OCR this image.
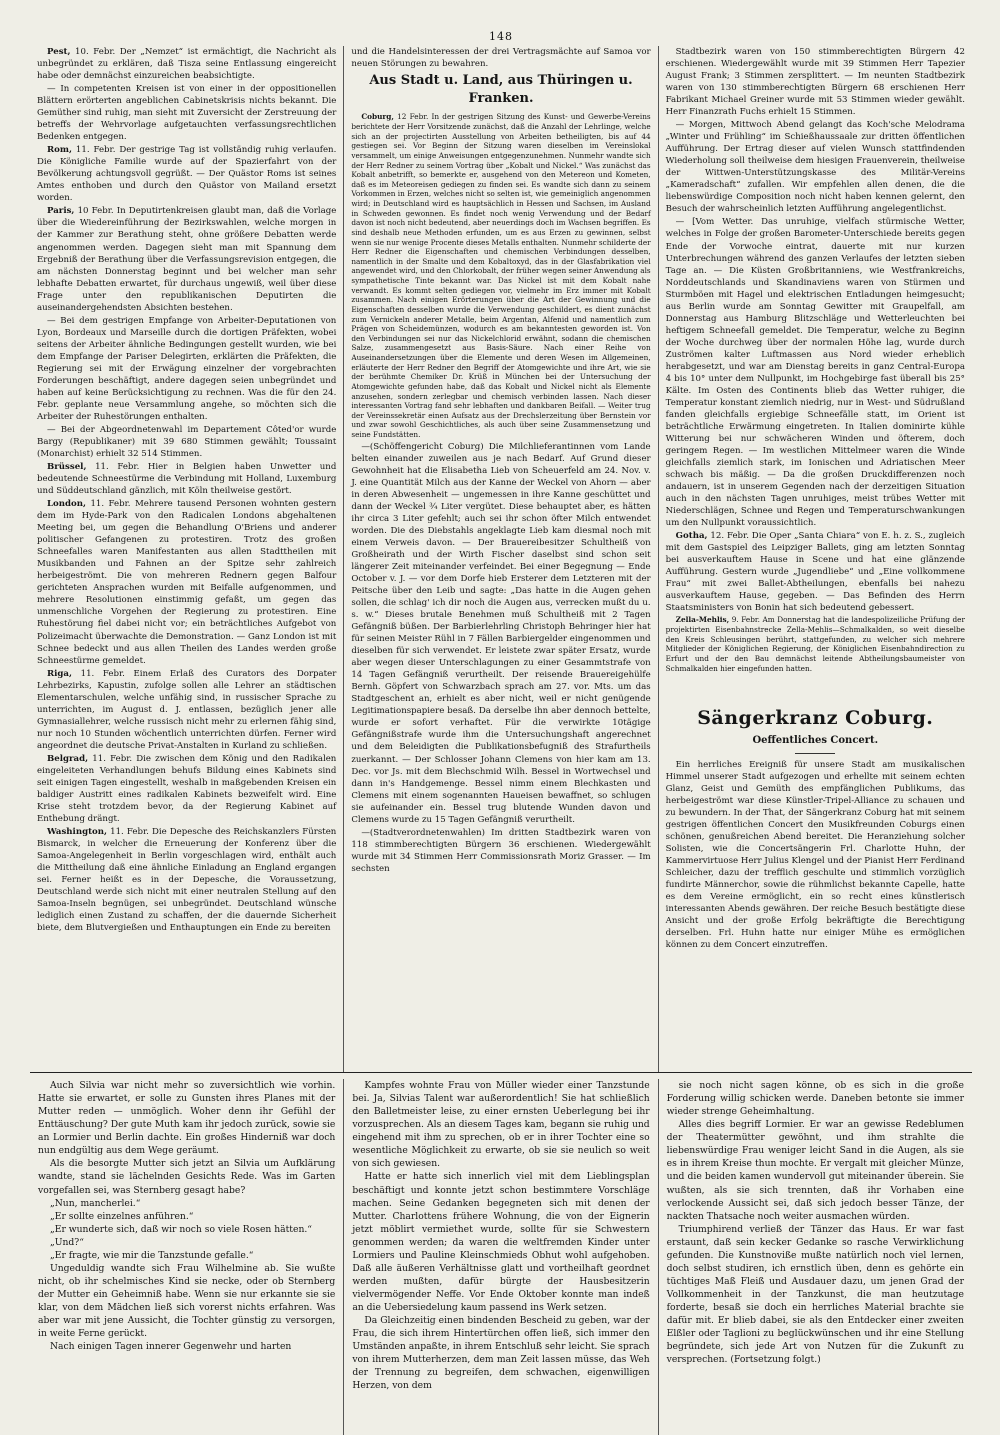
148

Pest, 10. Febr. Der „Nemzet“ ist ermächtigt, die Nachricht als unbegründet zu erklären, daß Tisza seine Entlassung eingereicht habe oder demnächst einzureichen beabsichtigte.

— In competenten Kreisen ist von einer in der oppositionellen Blättern erörterten angeblichen Cabinetskrisis nichts bekannt. Die Gemüther sind ruhig, man sieht mit Zuversicht der Zerstreuung der betreffs der Wehrvorlage aufgetauchten verfassungsrechtlichen Bedenken entgegen.

Rom, 11. Febr. Der gestrige Tag ist vollständig ruhig verlaufen. Die Königliche Familie wurde auf der Spazierfahrt von der Bevölkerung achtungsvoll gegrüßt. — Der Quästor Roms ist seines Amtes enthoben und durch den Quästor von Mailand ersetzt worden.

Paris, 10 Febr. In Deputirtenkreisen glaubt man, daß die Vorlage über die Wiedereinführung der Bezirkswahlen, welche morgen in der Kammer zur Berathung steht, ohne größere Debatten werde angenommen werden. Dagegen sieht man mit Spannung dem Ergebniß der Berathung über die Verfassungsrevision entgegen, die am nächsten Donnerstag beginnt und bei welcher man sehr lebhafte Debatten erwartet, für durchaus ungewiß, weil über diese Frage unter den republikanischen Deputirten die auseinandergehendsten Absichten bestehen.

— Bei dem gestrigen Empfange von Arbeiter-Deputationen von Lyon, Bordeaux und Marseille durch die dortigen Präfekten, wobei seitens der Arbeiter ähnliche Bedingungen gestellt wurden, wie bei dem Empfange der Pariser Delegirten, erklärten die Präfekten, die Regierung sei mit der Erwägung einzelner der vorgebrachten Forderungen beschäftigt, andere dagegen seien unbegründet und haben auf keine Berücksichtigung zu rechnen. Was die für den 24. Febr. geplante neue Versammlung angehe, so möchten sich die Arbeiter der Ruhestörungen enthalten.

— Bei der Abgeordnetenwahl im Departement Côted'or wurde Bargy (Republikaner) mit 39 680 Stimmen gewählt; Toussaint (Monarchist) erhielt 32 514 Stimmen.

Brüssel, 11. Febr. Hier in Belgien haben Unwetter und bedeutende Schneestürme die Verbindung mit Holland, Luxemburg und Süddeutschland gänzlich, mit Köln theilweise gestört.

London, 11. Febr. Mehrere tausend Personen wohnten gestern dem im Hyde-Park von den Radicalen Londons abgehaltenen Meeting bei, um gegen die Behandlung O'Briens und anderer politischer Gefangenen zu protestiren. Trotz des großen Schneefalles waren Manifestanten aus allen Stadttheilen mit Musikbanden und Fahnen an der Spitze sehr zahlreich herbeigeströmt. Die von mehreren Rednern gegen Balfour gerichteten Ansprachen wurden mit Beifalle aufgenommen, und mehrere Resolutionen einstimmig gefaßt, um gegen das unmenschliche Vorgehen der Regierung zu protestiren. Eine Ruhestörung fiel dabei nicht vor; ein beträchtliches Aufgebot von Polizeimacht überwachte die Demonstration. — Ganz London ist mit Schnee bedeckt und aus allen Theilen des Landes werden große Schneestürme gemeldet.

Riga, 11. Febr. Einem Erlaß des Curators des Dorpater Lehrbezirks, Kapustin, zufolge sollen alle Lehrer an städtischen Elementarschulen, welche unfähig sind, in russischer Sprache zu unterrichten, im August d. J. entlassen, bezüglich jener alle Gymnasiallehrer, welche russisch nicht mehr zu erlernen fähig sind, nur noch 10 Stunden wöchentlich unterrichten dürfen. Ferner wird angeordnet die deutsche Privat-Anstalten in Kurland zu schließen.

Belgrad, 11. Febr. Die zwischen dem König und den Radikalen eingeleiteten Verhandlungen behufs Bildung eines Kabinets sind seit einigen Tagen eingestellt, weshalb in maßgebenden Kreisen ein baldiger Austritt eines radikalen Kabinets bezweifelt wird. Eine Krise steht trotzdem bevor, da der Regierung Kabinet auf Enthebung drängt.

Washington, 11. Febr. Die Depesche des Reichskanzlers Fürsten Bismarck, in welcher die Erneuerung der Konferenz über die Samoa-Angelegenheit in Berlin vorgeschlagen wird, enthält auch die Mittheilung daß eine ähnliche Einladung an England ergangen sei. Ferner heißt es in der Depesche, die Voraussetzung, Deutschland werde sich nicht mit einer neutralen Stellung auf den Samoa-Inseln begnügen, sei unbegründet. Deutschland wünsche lediglich einen Zustand zu schaffen, der die dauernde Sicherheit biete, dem Blutvergießen und Enthauptungen ein Ende zu bereiten

und die Handelsinteressen der drei Vertragsmächte auf Samoa vor neuen Störungen zu bewahren.

Aus Stadt u. Land, aus Thüringen u. Franken.

Coburg, 12 Febr. In der gestrigen Sitzung des Kunst- und Gewerbe-Vereins berichtete der Herr Vorsitzende zunächst, daß die Anzahl der Lehrlinge, welche sich an der projectirten Ausstellung von Arbeiten betheiligten, bis auf 44 gestiegen sei. Vor Beginn der Sitzung waren dieselben im Vereinslokal versammelt, um einige Anweisungen entgegenzunehmen. Nunmehr wandte sich der Herr Redner zu seinem Vortrag über „Kobalt und Nickel.“ Was zunächst das Kobalt anbetrifft, so bemerkte er, ausgehend von den Metereon und Kometen, daß es im Meteoreisen gediegen zu finden sei. Es wandte sich dann zu seinem Vorkommen in Erzen, welches nicht so selten ist, wie gemeiniglich angenommen wird; in Deutschland wird es hauptsächlich in Hessen und Sachsen, im Ausland in Schweden gewonnen. Es findet noch wenig Verwendung und der Bedarf davon ist noch nicht bedeutend, aber neuerdings doch im Wachsen begriffen. Es sind deshalb neue Methoden erfunden, um es aus Erzen zu gewinnen, selbst wenn sie nur wenige Procente dieses Metalls enthalten. Nunmehr schilderte der Herr Redner die Eigenschaften und chemischen Verbindungen desselben, namentlich in der Smalte und dem Kobaltoxyd, das in der Glasfabrikation viel angewendet wird, und den Chlorkobalt, der früher wegen seiner Anwendung als sympathetische Tinte bekannt war. Das Nickel ist mit dem Kobalt nahe verwandt. Es kommt selten gediegen vor, vielmehr im Erz immer mit Kobalt zusammen. Nach einigen Erörterungen über die Art der Gewinnung und die Eigenschaften desselben wurde die Verwendung geschildert, es dient zunächst zum Vernickeln anderer Metalle, beim Argentan, Alfenid und namentlich zum Prägen von Scheidemünzen, wodurch es am bekanntesten geworden ist. Von den Verbindungen sei nur das Nickelchlorid erwähnt, sodann die chemischen Salze, zusammengesetzt aus Basis-Säure. Nach einer Reihe von Auseinandersetzungen über die Elemente und deren Wesen im Allgemeinen, erläuterte der Herr Redner den Begriff der Atomgewichte und ihre Art, wie sie der berühmte Chemiker Dr. Krüß in München bei der Untersuchung der Atomgewichte gefunden habe, daß das Kobalt und Nickel nicht als Elemente anzusehen, sondern zerlegbar und chemisch verbinden lassen. Nach dieser interessanten Vortrag fand sehr lebhaften und dankbaren Beifall. — Weiter trug der Vereinssekretär einen Aufsatz aus der Drechslerzeitung über Bernstein vor und zwar sowohl Geschichtliches, als auch über seine Zusammensetzung und seine Fundstätten.

—(Schöffengericht Coburg) Die Milchlieferantinnen vom Lande belten einander zuweilen aus je nach Bedarf. Auf Grund dieser Gewohnheit hat die Elisabetha Lieb von Scheuerfeld am 24. Nov. v. J. eine Quantität Milch aus der Kanne der Weckel von Ahorn — aber in deren Abwesenheit — ungemessen in ihre Kanne geschüttet und dann der Weckel ¾ Liter vergütet. Diese behauptet aber, es hätten ihr circa 3 Liter gefehlt; auch sei ihr schon öfter Milch entwendet worden. Die des Diebstahls angeklagte Lieb kam diesmal noch mit einem Verweis davon. — Der Brauereibesitzer Schultheiß von Großheirath und der Wirth Fischer daselbst sind schon seit längerer Zeit miteinander verfeindet. Bei einer Begegnung — Ende October v. J. — vor dem Dorfe hieb Ersterer dem Letzteren mit der Peitsche über den Leib und sagte: „Das hatte in die Augen gehen sollen, die schlag' ich dir noch die Augen aus, verrecken mußt du u. s. w.“ Dieses brutale Benehmen muß Schultheiß mit 2 Tagen Gefängniß büßen. Der Barbierlehrling Christoph Behringer hier hat für seinen Meister Rühl in 7 Fällen Barbiergelder eingenommen und dieselben für sich verwendet. Er leistete zwar später Ersatz, wurde aber wegen dieser Unterschlagungen zu einer Gesammtstrafe von 14 Tagen Gefängniß verurtheilt. Der reisende Brauereigehülfe Bernh. Göpfert von Schwarzbach sprach am 27. vor. Mts. um das Stadtgeschent an, erhielt es aber nicht, weil er nicht genügende Legitimationspapiere besaß. Da derselbe ihn aber dennoch bettelte, wurde er sofort verhaftet. Für die verwirkte 10tägige Gefängnißstrafe wurde ihm die Untersuchungshaft angerechnet und dem Beleidigten die Publikationsbefugniß des Strafurtheils zuerkannt. — Der Schlosser Johann Clemens von hier kam am 13. Dec. vor Js. mit dem Blechschmid Wilh. Bessel in Wortwechsel und dann in's Handgemenge. Bessel nimm einem Blechkasten und Clemens mit einem sogenannten Haueisen bewaffnet, so schlugen sie aufeinander ein. Bessel trug blutende Wunden davon und Clemens wurde zu 15 Tagen Gefängniß verurtheilt.

—(Stadtverordnetenwahlen) Im dritten Stadtbezirk waren von 118 stimmberechtigten Bürgern 36 erschienen. Wiedergewählt wurde mit 34 Stimmen Herr Commissionsrath Moriz Grasser. — Im sechsten

Stadtbezirk waren von 150 stimmberechtigten Bürgern 42 erschienen. Wiedergewählt wurde mit 39 Stimmen Herr Tapezier August Frank; 3 Stimmen zersplittert. — Im neunten Stadtbezirk waren von 130 stimmberechtigten Bürgern 68 erschienen Herr Fabrikant Michael Greiner wurde mit 53 Stimmen wieder gewählt. Herr Finanzrath Fuchs erhielt 15 Stimmen.

— Morgen, Mittwoch Abend gelangt das Koch'sche Melodrama „Winter und Frühling“ im Schießhaussaale zur dritten öffentlichen Aufführung. Der Ertrag dieser auf vielen Wunsch stattfindenden Wiederholung soll theilweise dem hiesigen Frauenverein, theilweise der Wittwen-Unterstützungskasse des Militär-Vereins „Kameradschaft“ zufallen. Wir empfehlen allen denen, die die liebenswürdige Composition noch nicht haben kennen gelernt, den Besuch der wahrscheinlich letzten Aufführung angelegentlichst.

— [Vom Wetter. Das unruhige, vielfach stürmische Wetter, welches in Folge der großen Barometer-Unterschiede bereits gegen Ende der Vorwoche eintrat, dauerte mit nur kurzen Unterbrechungen während des ganzen Verlaufes der letzten sieben Tage an. — Die Küsten Großbritanniens, wie Westfrankreichs, Norddeutschlands und Skandinaviens waren von Stürmen und Sturmböen mit Hagel und elektrischen Entladungen heimgesucht; aus Berlin wurde am Sonntag Gewitter mit Graupelfall, am Donnerstag aus Hamburg Blitzschläge und Wetterleuchten bei heftigem Schneefall gemeldet. Die Temperatur, welche zu Beginn der Woche durchweg über der normalen Höhe lag, wurde durch Zuströmen kalter Luftmassen aus Nord wieder erheblich herabgesetzt, und war am Dienstag bereits in ganz Central-Europa 4 bis 10° unter dem Nullpunkt, im Hochgebirge fast überall bis 25° Kälte. Im Osten des Continents blieb das Wetter ruhiger, die Temperatur konstant ziemlich niedrig, nur in West- und Südrußland fanden gleichfalls ergiebige Schneefälle statt, im Orient ist beträchtliche Erwärmung eingetreten. In Italien dominirte kühle Witterung bei nur schwächeren Winden und öfterem, doch geringem Regen. — Im westlichen Mittelmeer waren die Winde gleichfalls ziemlich stark, im Ionischen und Adriatischen Meer schwach bis mäßig. — Da die großen Druckdifferenzen noch andauern, ist in unserem Gegenden nach der derzeitigen Situation auch in den nächsten Tagen unruhiges, meist trübes Wetter mit Niederschlägen, Schnee und Regen und Temperaturschwankungen um den Nullpunkt voraussichtlich.

Gotha, 12. Febr. Die Oper „Santa Chiara“ von E. h. z. S., zugleich mit dem Gastspiel des Leipziger Ballets, ging am letzten Sonntag bei ausverkauftem Hause in Scene und hat eine glänzende Aufführung. Gestern wurde „Jugendliebe“ und „Eine vollkommene Frau“ mit zwei Ballet-Abtheilungen, ebenfalls bei nahezu ausverkauftem Hause, gegeben. — Das Befinden des Herrn Staatsministers von Bonin hat sich bedeutend gebessert.

Zella-Mehlis, 9. Febr. Am Donnerstag hat die landespolizeiliche Prüfung der projektirten Eisenbahnstrecke Zella-Mehlis—Schmalkalden, so weit dieselbe den Kreis Schleusingen berührt, stattgefunden, zu welcher sich mehrere Mitglieder der Königlichen Regierung, der Königlichen Eisenbahndirection zu Erfurt und der den Bau demnächst leitende Abtheilungsbaumeister von Schmalkalden hier eingefunden hatten.

Sängerkranz Coburg.
Oeffentliches Concert.

Ein herrliches Ereigniß für unsere Stadt am musikalischen Himmel unserer Stadt aufgezogen und erhellte mit seinem echten Glanz, Geist und Gemüth des empfänglichen Publikums, das herbeigeströmt war diese Künstler-Tripel-Alliance zu schauen und zu bewundern. In der That, der Sängerkranz Coburg hat mit seinem gestrigen öffentlichen Concert den Musikfreunden Coburgs einen schönen, genußreichen Abend bereitet. Die Heranziehung solcher Solisten, wie die Concertsängerin Frl. Charlotte Huhn, der Kammervirtuose Herr Julius Klengel und der Pianist Herr Ferdinand Schleicher, dazu der trefflich geschulte und stimmlich vorzüglich fundirte Männerchor, sowie die rühmlichst bekannte Capelle, hatte es dem Vereine ermöglicht, ein so recht eines künstlerisch interessanten Abends gewähren. Der reiche Besuch bestätigte diese Ansicht und der große Erfolg bekräftigte die Berechtigung derselben. Frl. Huhn hatte nur einiger Mühe es ermöglichen können zu dem Concert einzutreffen.

Auch Silvia war nicht mehr so zuversichtlich wie vorhin. Hatte sie erwartet, er solle zu Gunsten ihres Planes mit der Mutter reden — unmöglich. Woher denn ihr Gefühl der Enttäuschung? Der gute Muth kam ihr jedoch zurück, sowie sie an Lormier und Berlin dachte. Ein großes Hinderniß war doch nun endgültig aus dem Wege geräumt.

Als die besorgte Mutter sich jetzt an Silvia um Aufklärung wandte, stand sie lächelnden Gesichts Rede. Was im Garten vorgefallen sei, was Sternberg gesagt habe?

„Nun, mancherlei.“

„Er sollte einzelnes anführen.“

„Er wunderte sich, daß wir noch so viele Rosen hätten.“

„Und?“

„Er fragte, wie mir die Tanzstunde gefalle.“

Ungeduldig wandte sich Frau Wilhelmine ab. Sie wußte nicht, ob ihr schelmisches Kind sie necke, oder ob Sternberg der Mutter ein Geheimniß habe. Wenn sie nur erkannte sie sie klar, von dem Mädchen ließ sich vorerst nichts erfahren. Was aber war mit jene Aussicht, die Tochter günstig zu versorgen, in weite Ferne gerückt.

Nach einigen Tagen innerer Gegenwehr und harten

Kampfes wohnte Frau von Müller wieder einer Tanzstunde bei. Ja, Silvias Talent war außerordentlich! Sie hat schließlich den Balletmeister leise, zu einer ernsten Ueberlegung bei ihr vorzusprechen. Als an diesem Tages kam, begann sie ruhig und eingehend mit ihm zu sprechen, ob er in ihrer Tochter eine so wesentliche Möglichkeit zu erwarte, ob sie sie neulich so weit von sich gewiesen.

Hatte er hatte sich innerlich viel mit dem Lieblingsplan beschäftigt und konnte jetzt schon bestimmtere Vorschläge machen. Seine Gedanken begegneten sich mit denen der Mutter. Charlottens frühere Wohnung, die von der Eignerin jetzt möblirt vermiethet wurde, sollte für sie Schwestern genommen werden; da waren die weltfremden Kinder unter Lormiers und Pauline Kleinschmieds Obhut wohl aufgehoben. Daß alle äußeren Verhältnisse glatt und vortheilhaft geordnet werden mußten, dafür bürgte der Hausbesitzerin vielvermögender Neffe. Vor Ende Oktober konnte man indeß an die Uebersiedelung kaum passend ins Werk setzen.

Da Gleichzeitig einen bindenden Bescheid zu geben, war der Frau, die sich ihrem Hintertürchen offen ließ, sich immer den Umständen anpaßte, in ihrem Entschluß sehr leicht. Sie sprach von ihrem Mutterherzen, dem man Zeit lassen müsse, das Weh der Trennung zu begreifen, dem schwachen, eigenwilligen Herzen, von dem

sie noch nicht sagen könne, ob es sich in die große Forderung willig schicken werde. Daneben betonte sie immer wieder strenge Geheimhaltung.

Alles dies begriff Lormier. Er war an gewisse Redeblumen der Theatermütter gewöhnt, und ihm strahlte die liebenswürdige Frau weniger leicht Sand in die Augen, als sie es in ihrem Kreise thun mochte. Er vergalt mit gleicher Münze, und die beiden kamen wundervoll gut miteinander überein. Sie wußten, als sie sich trennten, daß ihr Vorhaben eine verlockende Aussicht sei, daß sich jedoch besser Tänze, der nackten Thatsache noch weiter ausmachen würden.

Triumphirend verließ der Tänzer das Haus. Er war fast erstaunt, daß sein kecker Gedanke so rasche Verwirklichung gefunden. Die Kunstnoviße mußte natürlich noch viel lernen, doch selbst studiren, ich ernstlich üben, denn es gehörte ein tüchtiges Maß Fleiß und Ausdauer dazu, um jenen Grad der Vollkommenheit in der Tanzkunst, die man heutzutage forderte, besaß sie doch ein herrliches Material brachte sie dafür mit. Er blieb dabei, sie als den Entdecker einer zweiten Elßler oder Taglioni zu beglückwünschen und ihr eine Stellung begründete, sich jede Art von Nutzen für die Zukunft zu versprechen. (Fortsetzung folgt.)
